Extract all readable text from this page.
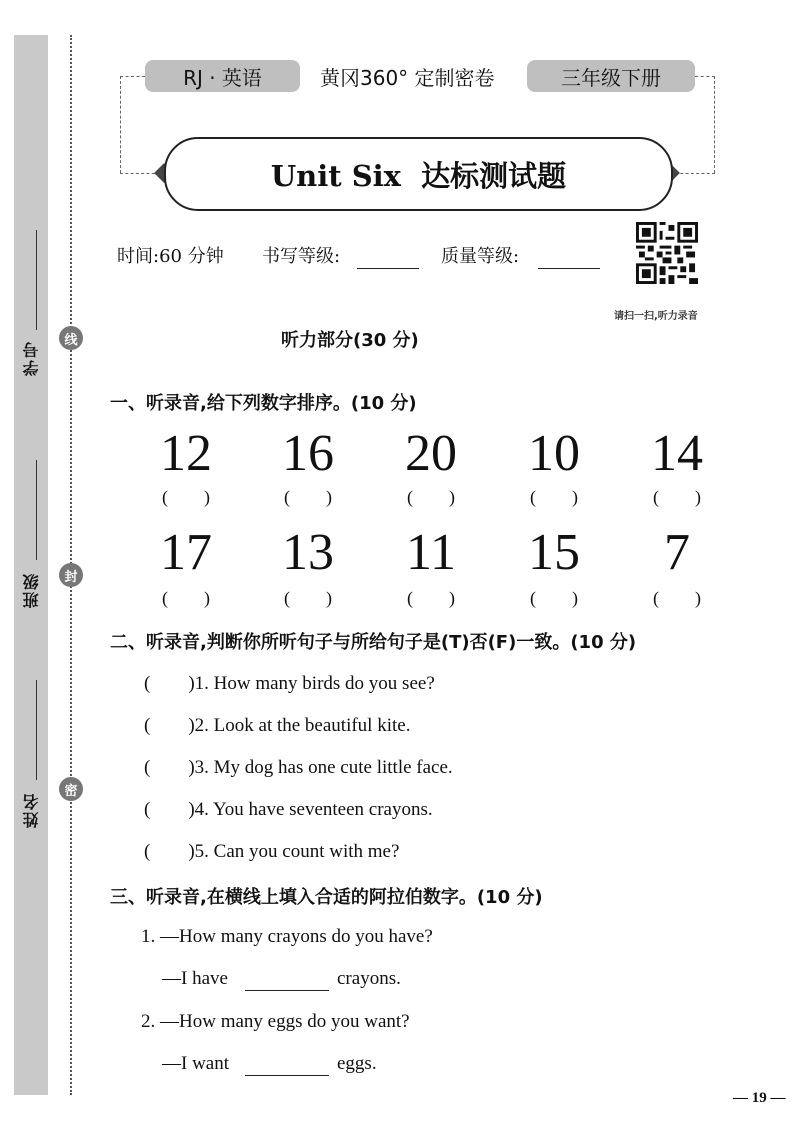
学号
班级
姓名
线
封
密
RJ · 英语	黄冈360° 定制密卷	三年级下册
Unit Six  达标测试题
时间:60 分钟 书写等级:	质量等级:
请扫一扫,听力录音
听力部分(30 分)
一、听录音,给下列数字排序。(10 分)
12	16	20	10	14
(        )	(        )	(        )	(        )	(        )
17	13	11	15	7
(        )	(        )	(        )	(        )	(        )
二、听录音,判断你所听句子与所给句子是(T)否(F)一致。(10 分)
(        )1. How many birds do you see?
(        )2. Look at the beautiful kite.
(        )3. My dog has one cute little face.
(        )4. You have seventeen crayons.
(        )5. Can you count with me?
三、听录音,在横线上填入合适的阿拉伯数字。(10 分)
1. —How many crayons do you have?
—I have	crayons.
2. —How many eggs do you want?
—I want	eggs.
— 19 —
